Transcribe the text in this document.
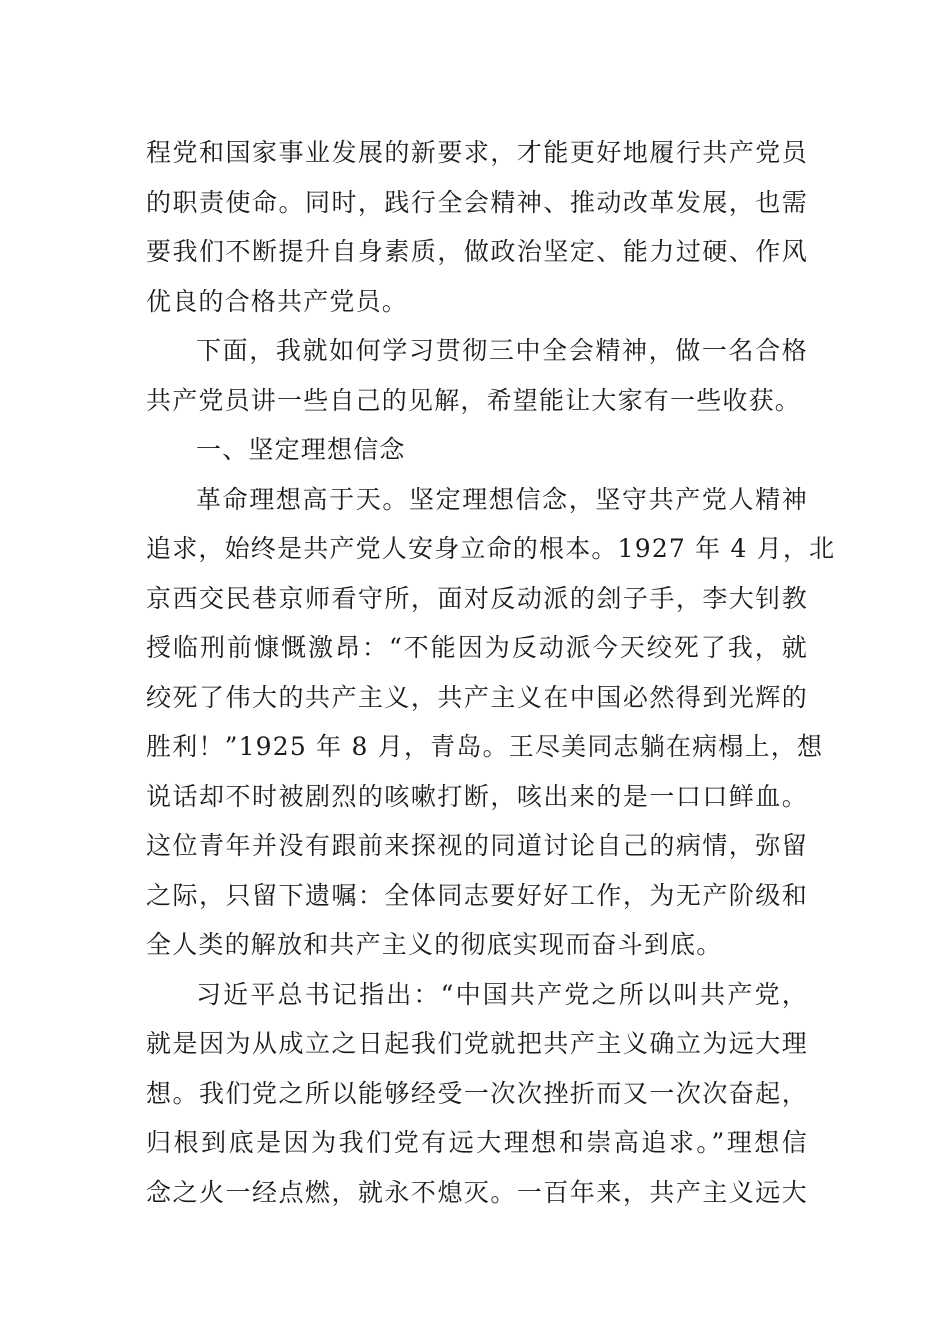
程党和国家事业发展的新要求，才能更好地履行共产党员
的职责使命。同时，践行全会精神、推动改革发展，也需
要我们不断提升自身素质，做政治坚定、能力过硬、作风
优良的合格共产党员。
下面，我就如何学习贯彻三中全会精神，做一名合格
共产党员讲一些自己的见解，希望能让大家有一些收获。
一、坚定理想信念
革命理想高于天。坚定理想信念，坚守共产党人精神
追求，始终是共产党人安身立命的根本。1927 年 4 月，北
京西交民巷京师看守所，面对反动派的刽子手，李大钊教
授临刑前慷慨激昂：“不能因为反动派今天绞死了我，就
绞死了伟大的共产主义，共产主义在中国必然得到光辉的
胜利！”1925 年 8 月，青岛。王尽美同志躺在病榻上，想
说话却不时被剧烈的咳嗽打断，咳出来的是一口口鲜血。
这位青年并没有跟前来探视的同道讨论自己的病情，弥留
之际，只留下遗嘱：全体同志要好好工作，为无产阶级和
全人类的解放和共产主义的彻底实现而奋斗到底。
习近平总书记指出：“中国共产党之所以叫共产党，
就是因为从成立之日起我们党就把共产主义确立为远大理
想。我们党之所以能够经受一次次挫折而又一次次奋起，
归根到底是因为我们党有远大理想和崇高追求。”理想信
念之火一经点燃，就永不熄灭。一百年来，共产主义远大
